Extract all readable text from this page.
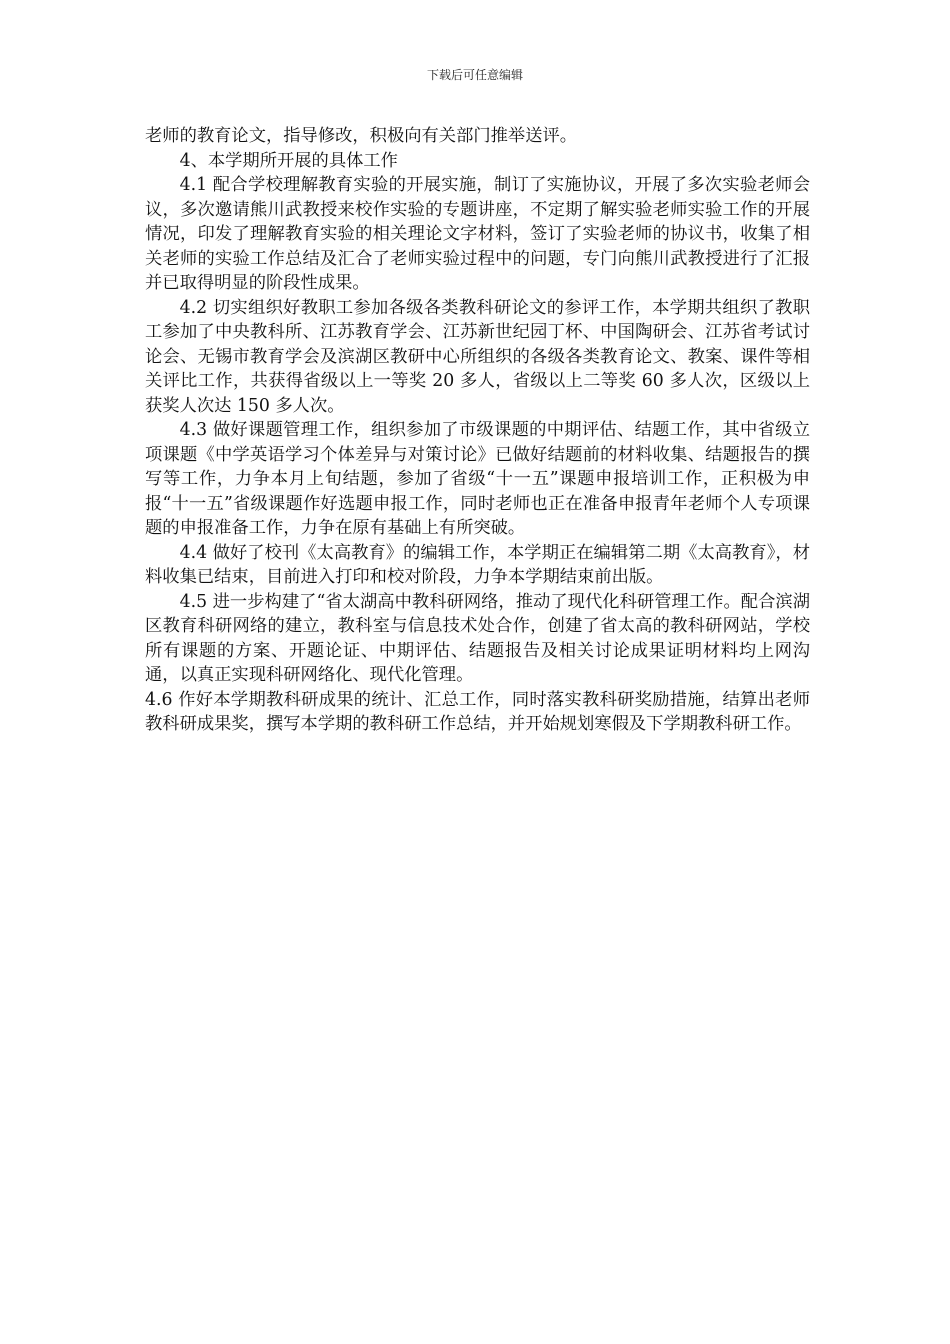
下载后可任意编辑

老师的教育论文，指导修改，积极向有关部门推举送评。

4、本学期所开展的具体工作

4.1 配合学校理解教育实验的开展实施，制订了实施协议，开展了多次实验老师会议，多次邀请熊川武教授来校作实验的专题讲座，不定期了解实验老师实验工作的开展情况，印发了理解教育实验的相关理论文字材料，签订了实验老师的协议书，收集了相关老师的实验工作总结及汇合了老师实验过程中的问题，专门向熊川武教授进行了汇报并已取得明显的阶段性成果。

4.2 切实组织好教职工参加各级各类教科研论文的参评工作，本学期共组织了教职工参加了中央教科所、江苏教育学会、江苏新世纪园丁杯、中国陶研会、江苏省考试讨论会、无锡市教育学会及滨湖区教研中心所组织的各级各类教育论文、教案、课件等相关评比工作，共获得省级以上一等奖 20 多人，省级以上二等奖 60 多人次，区级以上获奖人次达 150 多人次。

4.3 做好课题管理工作，组织参加了市级课题的中期评估、结题工作，其中省级立项课题《中学英语学习个体差异与对策讨论》已做好结题前的材料收集、结题报告的撰写等工作，力争本月上旬结题，参加了省级“十一五”课题申报培训工作，正积极为申报“十一五”省级课题作好选题申报工作，同时老师也正在准备申报青年老师个人专项课题的申报准备工作，力争在原有基础上有所突破。

4.4 做好了校刊《太高教育》的编辑工作，本学期正在编辑第二期《太高教育》，材料收集已结束，目前进入打印和校对阶段，力争本学期结束前出版。

4.5 进一步构建了“省太湖高中教科研网络，推动了现代化科研管理工作。配合滨湖区教育科研网络的建立，教科室与信息技术处合作，创建了省太高的教科研网站，学校所有课题的方案、开题论证、中期评估、结题报告及相关讨论成果证明材料均上网沟通，以真正实现科研网络化、现代化管理。

4.6 作好本学期教科研成果的统计、汇总工作，同时落实教科研奖励措施，结算出老师教科研成果奖，撰写本学期的教科研工作总结，并开始规划寒假及下学期教科研工作。
